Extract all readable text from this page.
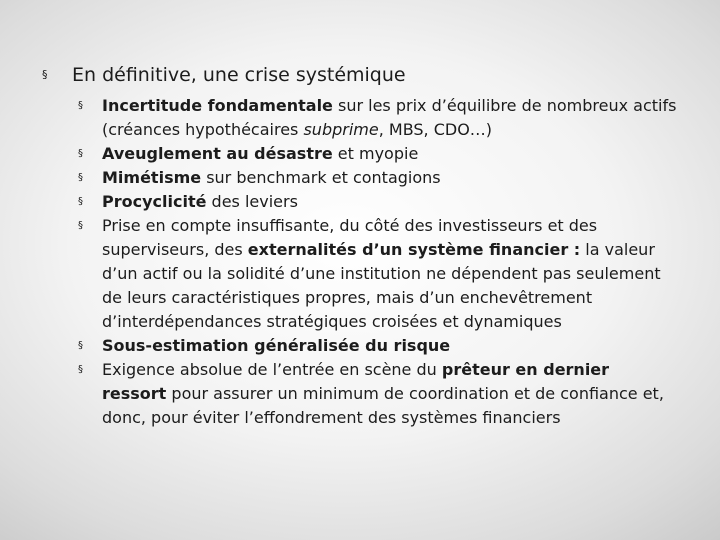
§ En définitive, une crise systémique
§ Incertitude fondamentale sur les prix d’équilibre de nombreux actifs (créances hypothécaires subprime, MBS, CDO…)
§ Aveuglement au désastre et myopie
§ Mimétisme sur benchmark et contagions
§ Procyclicité des leviers
§ Prise en compte insuffisante, du côté des investisseurs et des superviseurs, des externalités d’un système financier : la valeur d’un actif ou la solidité d’une institution ne dépendent pas seulement de leurs caractéristiques propres, mais d’un enchevêtrement d’interdépendances stratégiques croisées et dynamiques
§ Sous-estimation généralisée du risque
§ Exigence absolue de l’entrée en scène du prêteur en dernier ressort pour assurer un minimum de coordination et de confiance et, donc, pour éviter l’effondrement des systèmes financiers
